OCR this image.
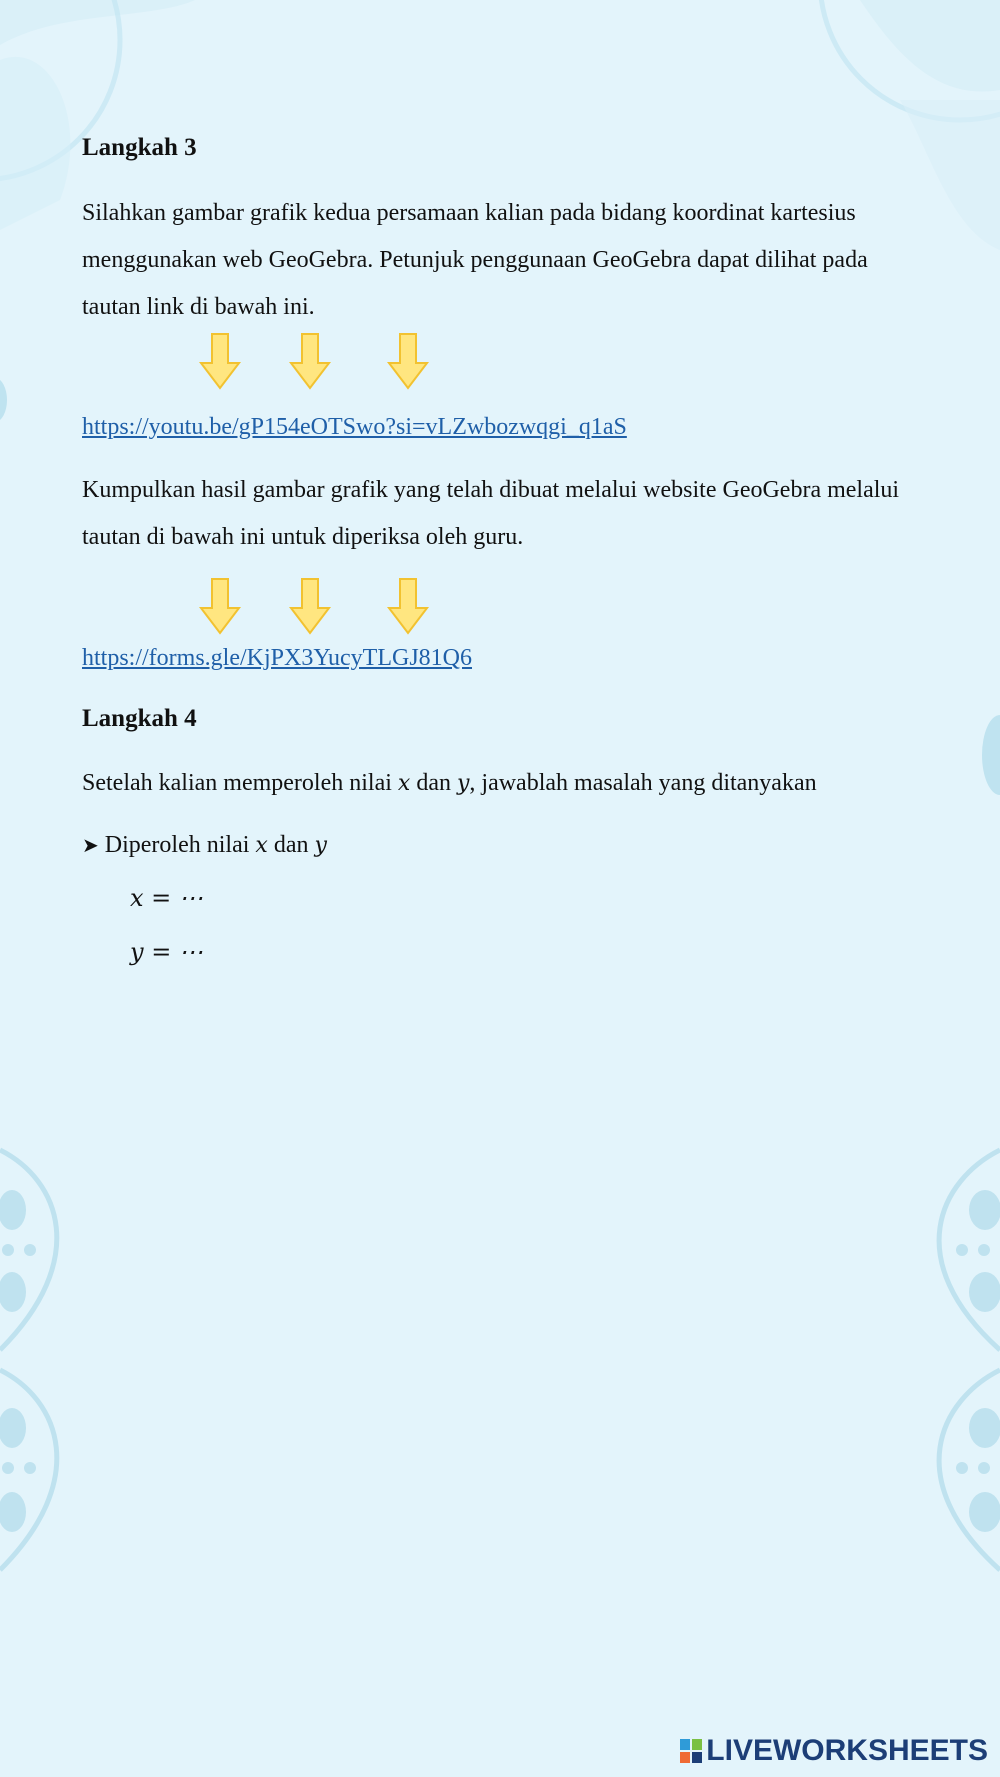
Langkah 3
Silahkan gambar grafik kedua persamaan kalian pada bidang koordinat kartesius menggunakan web GeoGebra. Petunjuk penggunaan GeoGebra dapat dilihat pada tautan link di bawah ini.
https://youtu.be/gP154eOTSwo?si=vLZwbozwqgi_q1aS
Kumpulkan hasil gambar grafik yang telah dibuat melalui website GeoGebra melalui tautan di bawah ini untuk diperiksa oleh guru.
https://forms.gle/KjPX3YucyTLGJ81Q6
Langkah 4
Setelah kalian memperoleh nilai x dan y, jawablah masalah yang ditanyakan
➤ Diperoleh nilai x dan y
x = ⋯
y = ⋯
LIVEWORKSHEETS
